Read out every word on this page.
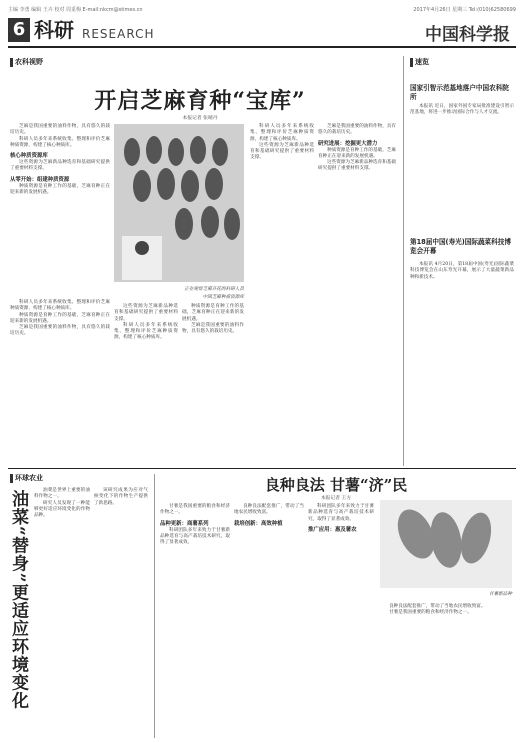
主编 李勇 编辑 王卉 校对 周觅梅 E-mail:nkcm@stimes.cn	2017年4月26日 星期三 Tel:(010)62580699
6 科研 RESEARCH	中国科学报
农科视野
开启芝麻育种“宝库”
本报记者 张晴丹

芝麻是我国重要的油料作物，具有悠久的栽培历史。

科研人员多年来系统收集、整理和评价芝麻种质资源，构建了核心种质库。

核心种质资源库

这些资源为芝麻新品种选育和基础研究提供了重要材料支撑。

从零开始：组建种质资源

种质资源是育种工作的基础，芝麻育种正在迎来新的发展机遇。

正在观察芝麻开花的科研人员
中国芝麻种质资源库

科研人员多年来系统收集、整理和评价芝麻种质资源，构建了核心种质库。

种质资源是育种工作的基础，芝麻育种正在迎来新的发展机遇。

芝麻是我国重要的油料作物，具有悠久的栽培历史。

这些资源为芝麻新品种选育和基础研究提供了重要材料支撑。

科研人员多年来系统收集、整理和评价芝麻种质资源，构建了核心种质库。

种质资源是育种工作的基础，芝麻育种正在迎来新的发展机遇。

芝麻是我国重要的油料作物，具有悠久的栽培历史。

科研人员多年来系统收集、整理和评价芝麻种质资源，构建了核心种质库。

这些资源为芝麻新品种选育和基础研究提供了重要材料支撑。

芝麻是我国重要的油料作物，具有悠久的栽培历史。

研究进展：挖掘更大潜力

种质资源是育种工作的基础，芝麻育种正在迎来新的发展机遇。

这些资源为芝麻新品种选育和基础研究提供了重要材料支撑。

速览
国家引智示范基地落户中国农科院所

本报讯 近日，国家外国专家局批准建设引智示范基地，将进一步推动国际合作与人才交流。

第18届中国(寿光)国际蔬菜科技博览会开幕

本报讯 4月20日，第18届中国(寿光)国际蔬菜科技博览会在山东寿光开幕，展示了大量蔬菜新品种和新技术。

环球农业
油菜“替身”更适应环境变化	油菜是世界上重要的油料作物之一。

研究人员发现了一种能够更好适应环境变化的作物品种。

该研究成果为应对气候变化下的作物生产提供了新思路。

良种良法 甘薯“济”民
本报记者 王方

甘薯是我国重要的粮食和经济作物之一。

品种更新：商薯系列

科研团队多年来致力于甘薯新品种选育与高产栽培技术研究，取得了显著成效。

良种良法配套推广，带动了当地农民增收致富。

栽培创新：高效种植

科研团队多年来致力于甘薯新品种选育与高产栽培技术研究，取得了显著成效。

推广应用：惠及薯农
甘薯新品种

良种良法配套推广，带动了当地农民增收致富。

甘薯是我国重要的粮食和经济作物之一。
